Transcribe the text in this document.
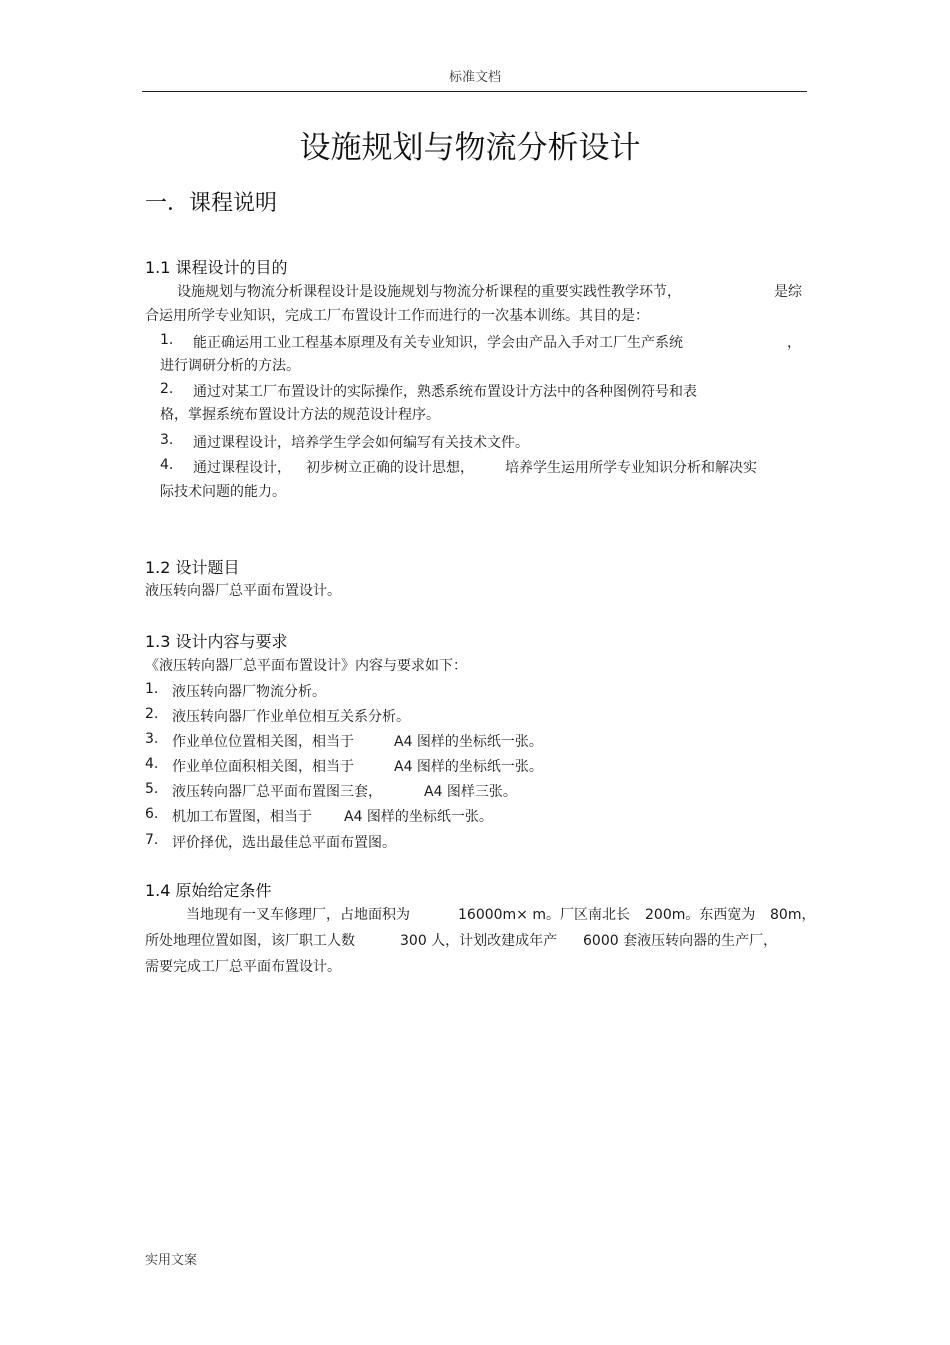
标准文档
设施规划与物流分析设计
一．课程说明
1.1 课程设计的目的
设施规划与物流分析课程设计是设施规划与物流分析课程的重要实践性教学环节，	是综
合运用所学专业知识，完成工厂布置设计工作而进行的一次基本训练。其目的是：
1. 能正确运用工业工程基本原理及有关专业知识，学会由产品入手对工厂生产系统	，
进行调研分析的方法。
2. 通过对某工厂布置设计的实际操作，熟悉系统布置设计方法中的各种图例符号和表
格，掌握系统布置设计方法的规范设计程序。
3. 通过课程设计，培养学生学会如何编写有关技术文件。
4. 通过课程设计， 初步树立正确的设计思想， 培养学生运用所学专业知识分析和解决实
际技术问题的能力。
1.2 设计题目
液压转向器厂总平面布置设计。
1.3 设计内容与要求
《液压转向器厂总平面布置设计》内容与要求如下：
1. 液压转向器厂物流分析。
2. 液压转向器厂作业单位相互关系分析。
3. 作业单位位置相关图，相当于	A4 图样的坐标纸一张。
4. 作业单位面积相关图，相当于	A4 图样的坐标纸一张。
5. 液压转向器厂总平面布置图三套，	A4 图样三张。
6. 机加工布置图，相当于 A4 图样的坐标纸一张。
7. 评价择优，选出最佳总平面布置图。
1.4 原始给定条件
当地现有一叉车修理厂，占地面积为	16000m× m。厂区南北长 200m。东西宽为 80m，
所处地理位置如图，该厂职工人数	300 人，计划改建成年产 6000 套液压转向器的生产厂，
需要完成工厂总平面布置设计。
实用文案
